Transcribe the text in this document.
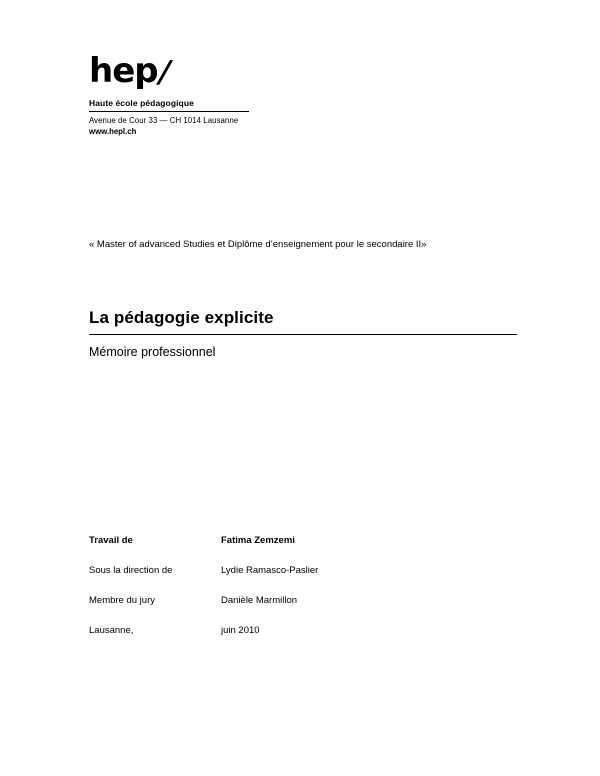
hep/
Haute école pédagogique
Avenue de Cour 33 — CH 1014 Lausanne
www.hepl.ch
« Master of advanced Studies et Diplôme d’enseignement pour le secondaire II»
La pédagogie explicite
Mémoire professionnel
Travail de	Fatima Zemzemi
Sous la direction de	Lydie Ramasco-Paslier
Membre du jury	Danièle Marmillon
Lausanne,	juin 2010
